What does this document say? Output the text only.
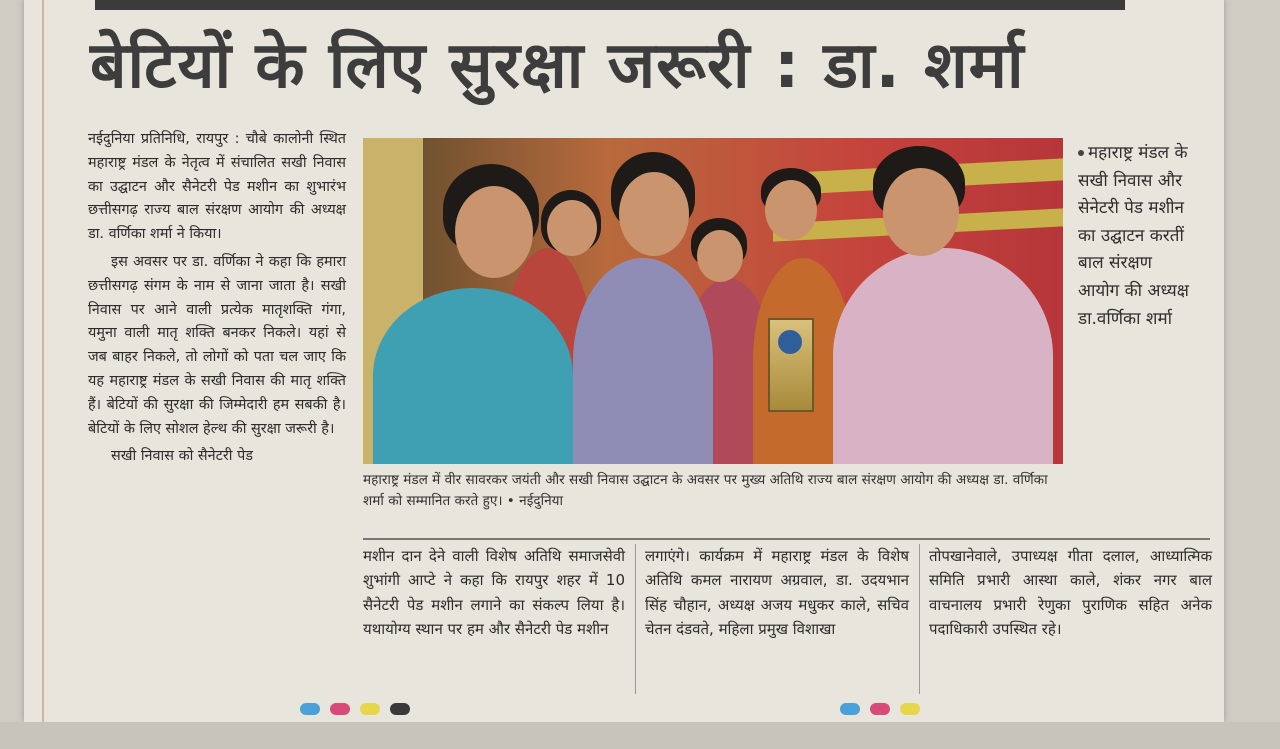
बेटियों के लिए सुरक्षा जरूरी : डा. शर्मा

नईदुनिया प्रतिनिधि, रायपुर : चौबे कालोनी स्थित महाराष्ट्र मंडल के नेतृत्व में संचालित सखी निवास का उद्घाटन और सैनेटरी पेड मशीन का शुभारंभ छत्तीसगढ़ राज्य बाल संरक्षण आयोग की अध्यक्ष डा. वर्णिका शर्मा ने किया।

इस अवसर पर डा. वर्णिका ने कहा कि हमारा छत्तीसगढ़ संगम के नाम से जाना जाता है। सखी निवास पर आने वाली प्रत्येक मातृशक्ति गंगा, यमुना वाली मातृ शक्ति बनकर निकले। यहां से जब बाहर निकले, तो लोगों को पता चल जाए कि यह महाराष्ट्र मंडल के सखी निवास की मातृ शक्ति हैं। बेटियों की सुरक्षा की जिम्मेदारी हम सबकी है। बेटियों के लिए सोशल हेल्थ की सुरक्षा जरूरी है।

सखी निवास को सैनेटरी पेड

महाराष्ट्र मंडल में वीर सावरकर जयंती और सखी निवास उद्घाटन के अवसर पर मुख्य अतिथि राज्य बाल संरक्षण आयोग की अध्यक्ष डा. वर्णिका शर्मा को सम्मानित करते हुए। • नईदुनिया
महाराष्ट्र मंडल के सखी निवास और सेनेटरी पेड मशीन का उद्घाटन करतीं बाल संरक्षण आयोग की अध्यक्ष डा.वर्णिका शर्मा
मशीन दान देने वाली विशेष अतिथि समाजसेवी शुभांगी आप्टे ने कहा कि रायपुर शहर में 10 सैनेटरी पेड मशीन लगाने का संकल्प लिया है। यथायोग्य स्थान पर हम और सैनेटरी पेड मशीन
लगाएंगे। कार्यक्रम में महाराष्ट्र मंडल के विशेष अतिथि कमल नारायण अग्रवाल, डा. उदयभान सिंह चौहान, अध्यक्ष अजय मधुकर काले, सचिव चेतन दंडवते, महिला प्रमुख विशाखा
तोपखानेवाले, उपाध्यक्ष गीता दलाल, आध्यात्मिक समिति प्रभारी आस्था काले, शंकर नगर बाल वाचनालय प्रभारी रेणुका पुराणिक सहित अनेक पदाधिकारी उपस्थित रहे।
